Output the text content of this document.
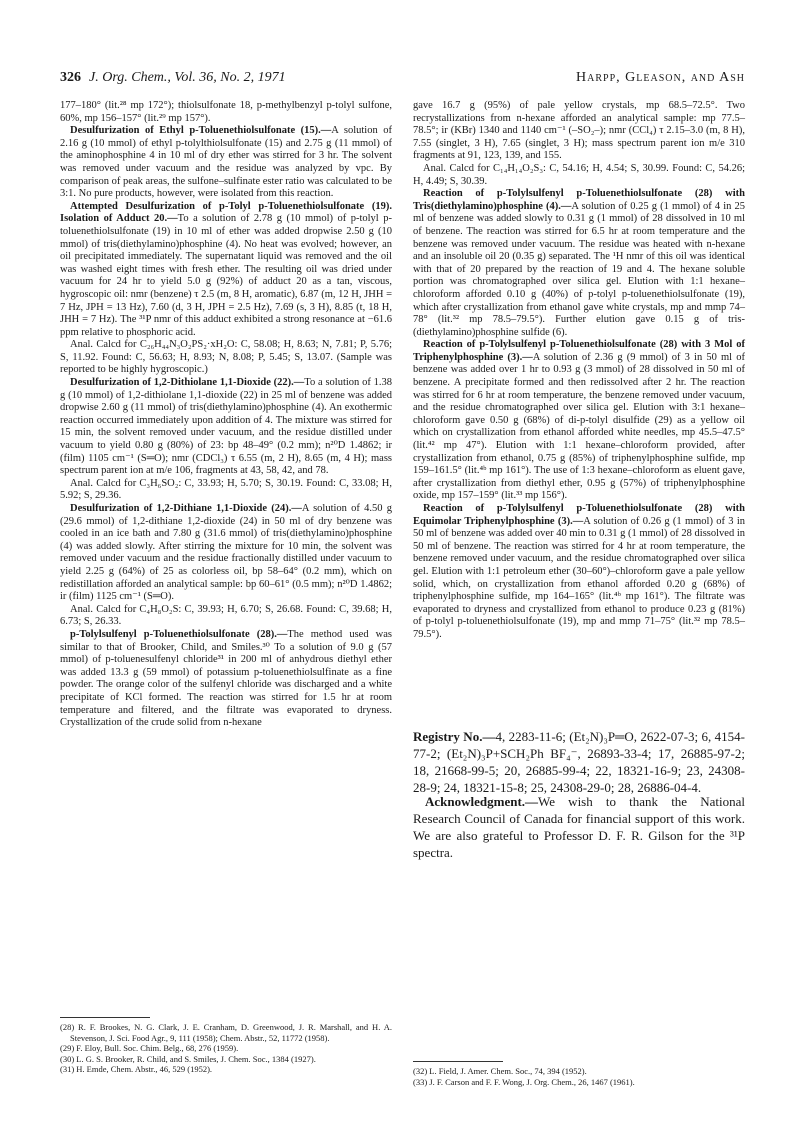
326 J. Org. Chem., Vol. 36, No. 2, 1971	Harpp, Gleason, and Ash

177–180° (lit.²⁸ mp 172°); thiolsulfonate 18, p-methylbenzyl p-tolyl sulfone, 60%, mp 156–157° (lit.²⁹ mp 157°).

Desulfurization of Ethyl p-Toluenethiolsulfonate (15).—A solution of 2.16 g (10 mmol) of ethyl p-tolylthiolsulfonate (15) and 2.75 g (11 mmol) of the aminophosphine 4 in 10 ml of dry ether was stirred for 3 hr. The solvent was removed under vacuum and the residue was analyzed by vpc. By comparison of peak areas, the sulfone–sulfinate ester ratio was calculated to be 3:1. No pure products, however, were isolated from this reaction.

Attempted Desulfurization of p-Tolyl p-Toluenethiolsulfonate (19). Isolation of Adduct 20.—To a solution of 2.78 g (10 mmol) of p-tolyl p-toluenethiolsulfonate (19) in 10 ml of ether was added dropwise 2.50 g (10 mmol) of tris(diethylamino)phosphine (4). No heat was evolved; however, an oil precipitated immediately. The supernatant liquid was removed and the oil was washed eight times with fresh ether. The resulting oil was dried under vacuum for 24 hr to yield 5.0 g (92%) of adduct 20 as a tan, viscous, hygroscopic oil: nmr (benzene) τ 2.5 (m, 8 H, aromatic), 6.87 (m, 12 H, JHH = 7 Hz, JPH = 13 Hz), 7.60 (d, 3 H, JPH = 2.5 Hz), 7.69 (s, 3 H), 8.85 (t, 18 H, JHH = 7 Hz). The ³¹P nmr of this adduct exhibited a strong resonance at −61.6 ppm relative to phosphoric acid.

Anal. Calcd for C₂₆H₄₄N₃O₂PS₂·xH₂O: C, 58.08; H, 8.63; N, 7.81; P, 5.76; S, 11.92. Found: C, 56.63; H, 8.93; N, 8.08; P, 5.45; S, 13.07. (Sample was reported to be highly hygroscopic.)

Desulfurization of 1,2-Dithiolane 1,1-Dioxide (22).—To a solution of 1.38 g (10 mmol) of 1,2-dithiolane 1,1-dioxide (22) in 25 ml of benzene was added dropwise 2.60 g (11 mmol) of tris(diethylamino)phosphine (4). An exothermic reaction occurred immediately upon addition of 4. The mixture was stirred for 15 min, the solvent removed under vacuum, and the residue distilled under vacuum to yield 0.80 g (80%) of 23: bp 48–49° (0.2 mm); n²⁰D 1.4862; ir (film) 1105 cm⁻¹ (S═O); nmr (CDCl₃) τ 6.55 (m, 2 H), 8.65 (m, 4 H); mass spectrum parent ion at m/e 106, fragments at 43, 58, 42, and 78.

Anal. Calcd for C₃H₆SO₂: C, 33.93; H, 5.70; S, 30.19. Found: C, 33.08; H, 5.92; S, 29.36.

Desulfurization of 1,2-Dithiane 1,1-Dioxide (24).—A solution of 4.50 g (29.6 mmol) of 1,2-dithiane 1,2-dioxide (24) in 50 ml of dry benzene was cooled in an ice bath and 7.80 g (31.6 mmol) of tris(diethylamino)phosphine (4) was added slowly. After stirring the mixture for 10 min, the solvent was removed under vacuum and the residue fractionally distilled under vacuum to yield 2.25 g (64%) of 25 as colorless oil, bp 58–64° (0.2 mm), which on redistillation afforded an analytical sample: bp 60–61° (0.5 mm); n²⁰D 1.4862; ir (film) 1125 cm⁻¹ (S═O).

Anal. Calcd for C₄H₈O₂S: C, 39.93; H, 6.70; S, 26.68. Found: C, 39.68; H, 6.73; S, 26.33.

p-Tolylsulfenyl p-Toluenethiolsulfonate (28).—The method used was similar to that of Brooker, Child, and Smiles.³⁰ To a solution of 9.0 g (57 mmol) of p-toluenesulfenyl chloride³¹ in 200 ml of anhydrous diethyl ether was added 13.3 g (59 mmol) of potassium p-toluenethiolsulfinate as a fine powder. The orange color of the sulfenyl chloride was discharged and a white precipitate of KCl formed. The reaction was stirred for 1.5 hr at room temperature and filtered, and the filtrate was evaporated to dryness. Crystallization of the crude solid from n-hexane

gave 16.7 g (95%) of pale yellow crystals, mp 68.5–72.5°. Two recrystallizations from n-hexane afforded an analytical sample: mp 77.5–78.5°; ir (KBr) 1340 and 1140 cm⁻¹ (–SO₂–); nmr (CCl₄) τ 2.15–3.0 (m, 8 H), 7.55 (singlet, 3 H), 7.65 (singlet, 3 H); mass spectrum parent ion m/e 310 fragments at 91, 123, 139, and 155.

Anal. Calcd for C₁₄H₁₄O₂S₃: C, 54.16; H, 4.54; S, 30.99. Found: C, 54.26; H, 4.49; S, 30.39.

Reaction of p-Tolylsulfenyl p-Toluenethiolsulfonate (28) with Tris(diethylamino)phosphine (4).—A solution of 0.25 g (1 mmol) of 4 in 25 ml of benzene was added slowly to 0.31 g (1 mmol) of 28 dissolved in 10 ml of benzene. The reaction was stirred for 6.5 hr at room temperature and the benzene was removed under vacuum. The residue was heated with n-hexane and an insoluble oil 20 (0.35 g) separated. The ¹H nmr of this oil was identical with that of 20 prepared by the reaction of 19 and 4. The hexane soluble portion was chromatographed over silica gel. Elution with 1:1 hexane–chloroform afforded 0.10 g (40%) of p-tolyl p-toluenethiolsulfonate (19), which after crystallization from ethanol gave white crystals, mp and mmp 74–78° (lit.³² mp 78.5–79.5°). Further elution gave 0.15 g of tris-(diethylamino)phosphine sulfide (6).

Reaction of p-Tolylsulfenyl p-Toluenethiolsulfonate (28) with 3 Mol of Triphenylphosphine (3).—A solution of 2.36 g (9 mmol) of 3 in 50 ml of benzene was added over 1 hr to 0.93 g (3 mmol) of 28 dissolved in 50 ml of benzene. A precipitate formed and then redissolved after 2 hr. The reaction was stirred for 6 hr at room temperature, the benzene removed under vacuum, and the residue chromatographed over silica gel. Elution with 3:1 hexane–chloroform gave 0.50 g (68%) of di-p-tolyl disulfide (29) as a yellow oil which on crystallization from ethanol afforded white needles, mp 45.5–47.5° (lit.⁴² mp 47°). Elution with 1:1 hexane–chloroform provided, after crystallization from ethanol, 0.75 g (85%) of triphenylphosphine sulfide, mp 159–161.5° (lit.⁴ᵇ mp 161°). The use of 1:3 hexane–chloroform as eluent gave, after crystallization from diethyl ether, 0.95 g (57%) of triphenylphosphine oxide, mp 157–159° (lit.³³ mp 156°).

Reaction of p-Tolylsulfenyl p-Toluenethiolsulfonate (28) with Equimolar Triphenylphosphine (3).—A solution of 0.26 g (1 mmol) of 3 in 50 ml of benzene was added over 40 min to 0.31 g (1 mmol) of 28 dissolved in 50 ml of benzene. The reaction was stirred for 4 hr at room temperature, the benzene removed under vacuum, and the residue chromatographed over silica gel. Elution with 1:1 petroleum ether (30–60°)–chloroform gave a pale yellow solid, which, on crystallization from ethanol afforded 0.20 g (68%) of triphenylphosphine sulfide, mp 164–165° (lit.⁴ᵇ mp 161°). The filtrate was evaporated to dryness and crystallized from ethanol to produce 0.23 g (81%) of p-tolyl p-toluenethiolsulfonate (19), mp and mmp 71–75° (lit.³² mp 78.5–79.5°).

Registry No.—4, 2283-11-6; (Et₂N)₃P═O, 2622-07-3; 6, 4154-77-2; (Et₂N)₃P+SCH₂Ph BF₄⁻, 26893-33-4; 17, 26885-97-2; 18, 21668-99-5; 20, 26885-99-4; 22, 18321-16-9; 23, 24308-28-9; 24, 18321-15-8; 25, 24308-29-0; 28, 26886-04-4.
Acknowledgment.—We wish to thank the National Research Council of Canada for financial support of this work. We are also grateful to Professor D. F. R. Gilson for the ³¹P spectra.

(28) R. F. Brookes, N. G. Clark, J. E. Cranham, D. Greenwood, J. R. Marshall, and H. A. Stevenson, J. Sci. Food Agr., 9, 111 (1958); Chem. Abstr., 52, 11772 (1958).

(29) F. Eloy, Bull. Soc. Chim. Belg., 68, 276 (1959).

(30) L. G. S. Brooker, R. Child, and S. Smiles, J. Chem. Soc., 1384 (1927).

(31) H. Emde, Chem. Abstr., 46, 529 (1952).	(32) L. Field, J. Amer. Chem. Soc., 74, 394 (1952).

(33) J. F. Carson and F. F. Wong, J. Org. Chem., 26, 1467 (1961).
